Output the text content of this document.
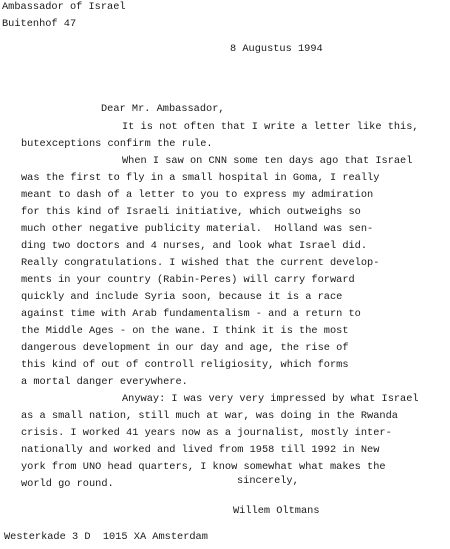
Ambassador of Israel
Buitenhof 47
8 Augustus 1994
Dear Mr. Ambassador,
It is not often that I write a letter like this,
butexceptions confirm the rule.
When I saw on CNN some ten days ago that Israel
was the first to fly in a small hospital in Goma, I really
meant to dash of a letter to you to express my admiration
for this kind of Israeli initiative, which outweighs so
much other negative publicity material.  Holland was sen-
ding two doctors and 4 nurses, and look what Israel did.
Really congratulations. I wished that the current develop-
ments in your country (Rabin-Peres) will carry forward
quickly and include Syria soon, because it is a race
against time with Arab fundamentalism - and a return to
the Middle Ages - on the wane. I think it is the most
dangerous development in our day and age, the rise of
this kind of out of controll religiosity, which forms
a mortal danger everywhere.
Anyway: I was very very impressed by what Israel
as a small nation, still much at war, was doing in the Rwanda
crisis. I worked 41 years now as a journalist, mostly inter-
nationally and worked and lived from 1958 till 1992 in New
york from UNO head quarters, I know somewhat what makes the
world go round.	sincerely,
Willem Oltmans
Westerkade 3 D  1015 XA Amsterdam
